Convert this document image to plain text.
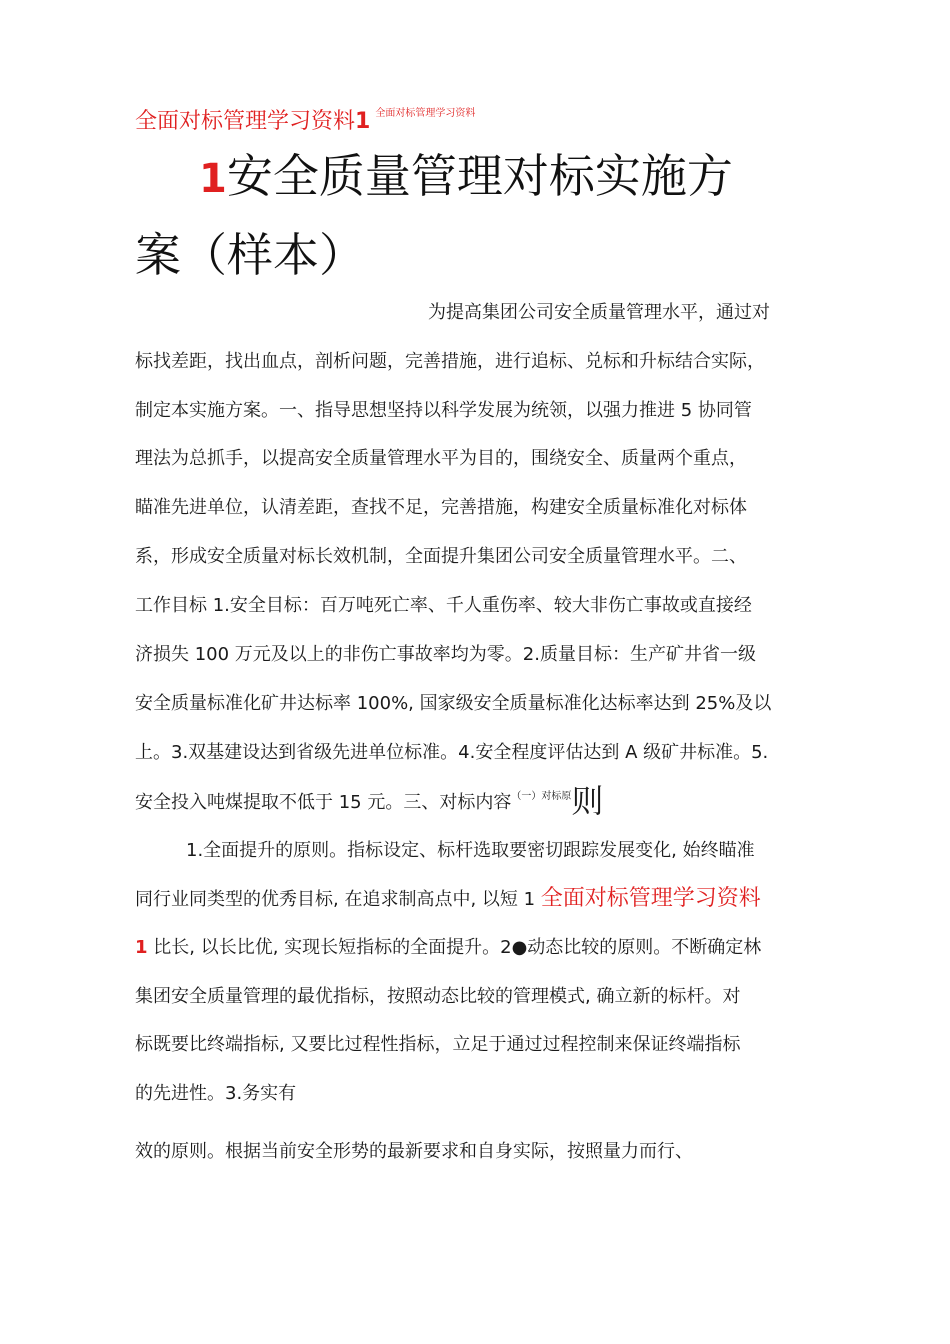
全面对标管理学习资料1 $^{全面对标管理学习资料}$
1安全质量管理对标实施方
案（样本）
为提高集团公司安全质量管理水平，通过对
标找差距，找出血点，剖析问题，完善措施，进行追标、兑标和升标结合实际，
制定本实施方案。一、指导思想坚持以科学发展为统领，以强力推进 5 协同管
理法为总抓手，以提高安全质量管理水平为目的，围绕安全、质量两个重点，
瞄准先进单位，认清差距，查找不足，完善措施，构建安全质量标准化对标体
系，形成安全质量对标长效机制，全面提升集团公司安全质量管理水平。二、
工作目标 1.安全目标：百万吨死亡率、千人重伤率、较大非伤亡事故或直接经
济损失 100 万元及以上的非伤亡事故率均为零。2.质量目标：生产矿井省一级
安全质量标准化矿井达标率 100%, 国家级安全质量标准化达标率达到 25%及以
上。3.双基建设达到省级先进单位标准。4.安全程度评估达到 A 级矿井标准。5.
安全投入吨煤提取不低于 15 元。三、对标内容$^{(一)对标原}$则
1.全面提升的原则。指标设定、标杆选取要密切跟踪发展变化, 始终瞄准
同行业同类型的优秀目标, 在追求制高点中, 以短 1 全面对标管理学习资料
1 比长, 以长比优, 实现长短指标的全面提升。2●动态比较的原则。不断确定林
集团安全质量管理的最优指标，按照动态比较的管理模式, 确立新的标杆。对
标既要比终端指标, 又要比过程性指标，立足于通过过程控制来保证终端指标
的先进性。3.务实有
效的原则。根据当前安全形势的最新要求和自身实际，按照量力而行、
